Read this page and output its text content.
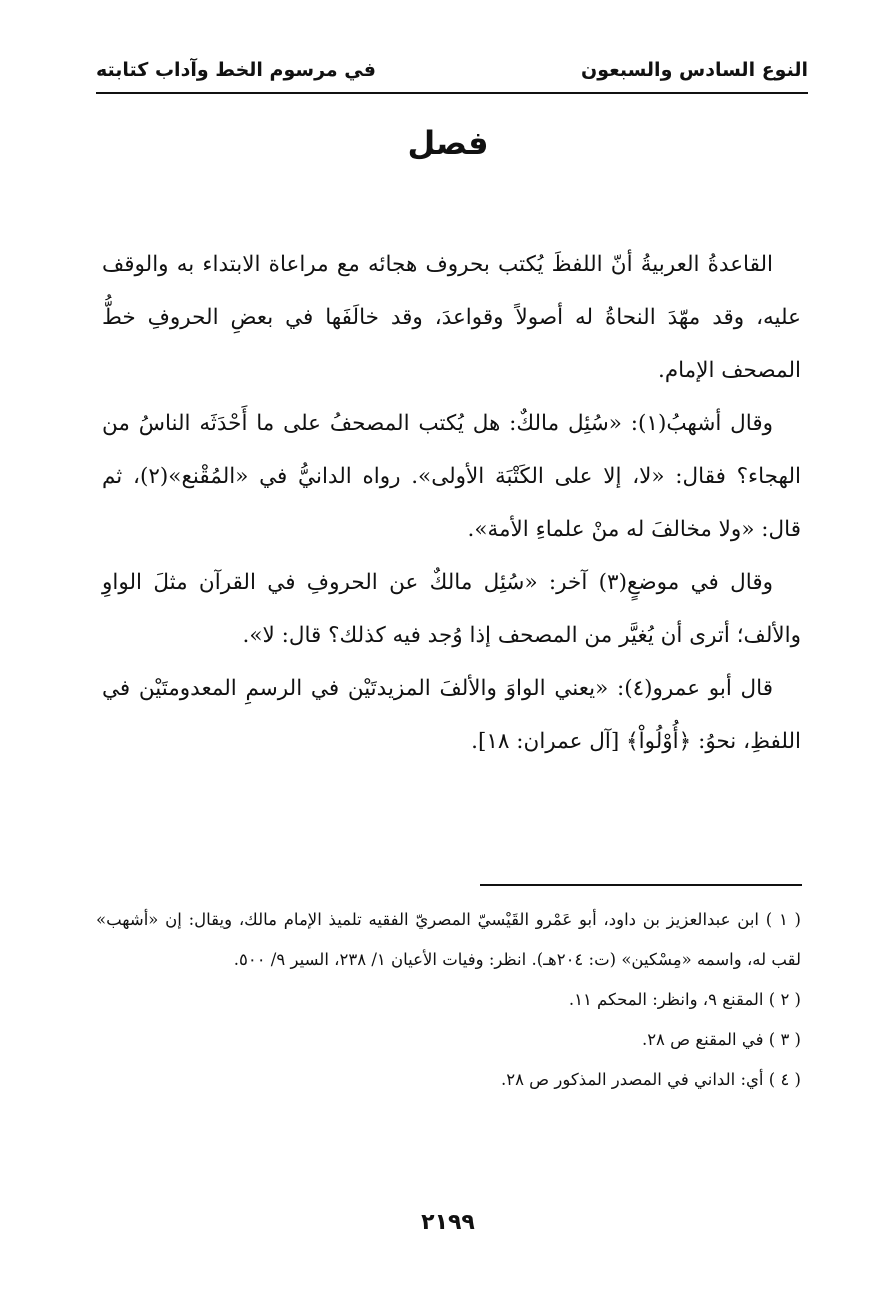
النوع السادس والسبعون
في مرسوم الخط وآداب كتابته
فصل

القاعدةُ العربيةُ أنّ اللفظَ يُكتب بحروف هجائه مع مراعاة الابتداء به والوقف عليه، وقد مهّدَ النحاةُ له أصولاً وقواعدَ، وقد خالَفَها في بعضِ الحروفِ خطُّ المصحف الإمام.

وقال أشهبُ(١): «سُئِل مالكٌ: هل يُكتب المصحفُ على ما أَحْدَثَه الناسُ من الهجاء؟ فقال: «لا، إلا على الكَتْبَة الأولى». رواه الدانيُّ في «المُقْنع»(٢)، ثم قال: «ولا مخالفَ له منْ علماءِ الأمة».

وقال في موضعٍ(٣) آخر: «سُئِل مالكٌ عن الحروفِ في القرآن مثلَ الواوِ والألف؛ أترى أن يُغيَّر من المصحف إذا وُجد فيه كذلك؟ قال: لا».

قال أبو عمرو(٤): «يعني الواوَ والألفَ المزيدتَيْن في الرسمِ المعدومتَيْن في اللفظِ، نحوُ: ﴿أُوْلُواْ﴾ [آل عمران: ١٨].

( ١ ) ابن عبدالعزيز بن داود، أبو عَمْرو القَيْسيّ المصريّ الفقيه تلميذ الإمام مالك، ويقال: إن «أشهب» لقب له، واسمه «مِسْكين» (ت: ٢٠٤هـ). انظر: وفيات الأعيان ١/ ٢٣٨، السير ٩/ ٥٠٠.

( ٢ ) المقنع ٩، وانظر: المحكم ١١.

( ٣ ) في المقنع ص ٢٨.

( ٤ ) أي: الداني في المصدر المذكور ص ٢٨.

٢١٩٩
